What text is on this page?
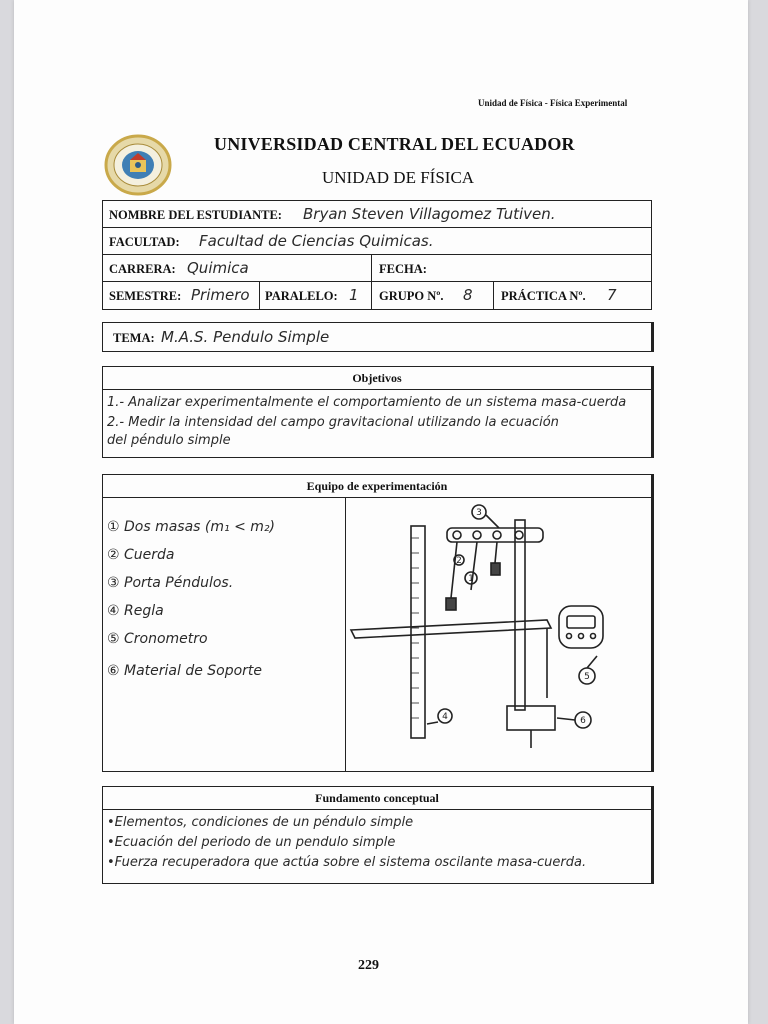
Unidad de Física - Física Experimental
UNIVERSIDAD CENTRAL DEL ECUADOR
UNIDAD DE FÍSICA
NOMBRE DEL ESTUDIANTE: Bryan Steven Villagomez Tutiven.
FACULTAD: Facultad de Ciencias Quimicas.
CARRERA: Quimica	FECHA:
SEMESTRE: Primero PARALELO: 1 GRUPO Nº. 8 PRÁCTICA Nº. 7
TEMA: M.A.S. Pendulo Simple
Objetivos
1.- Analizar experimentalmente el comportamiento de un sistema masa-cuerda
2.- Medir la intensidad del campo gravitacional utilizando la ecuación
del péndulo simple
Equipo de experimentación
① Dos masas (m₁ < m₂)
② Cuerda
③ Porta Péndulos.
④ Regla
⑤ Cronometro
⑥ Material de Soporte
3
2
1
5
4	6
Fundamento conceptual
•Elementos, condiciones de un péndulo simple
•Ecuación del periodo de un pendulo simple
•Fuerza recuperadora que actúa sobre el sistema oscilante masa-cuerda.
229
